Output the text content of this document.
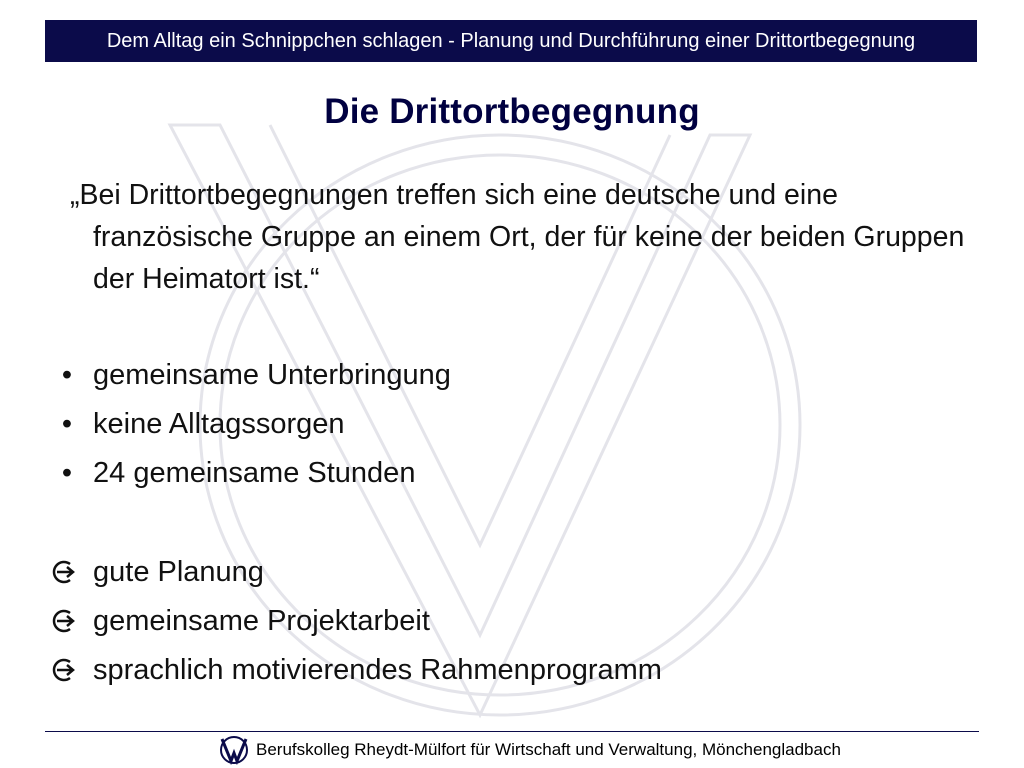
Dem Alltag ein Schnippchen schlagen - Planung und Durchführung einer Drittortbegegnung
Die Drittortbegegnung
„Bei Drittortbegegnungen treffen sich eine deutsche und eine französische Gruppe an einem Ort, der für keine der beiden Gruppen der Heimatort ist.“
• gemeinsame Unterbringung
• keine Alltagssorgen
• 24 gemeinsame Stunden
gute Planung
gemeinsame Projektarbeit
sprachlich motivierendes Rahmenprogramm
Berufskolleg Rheydt-Mülfort für Wirtschaft und Verwaltung, Mönchengladbach
